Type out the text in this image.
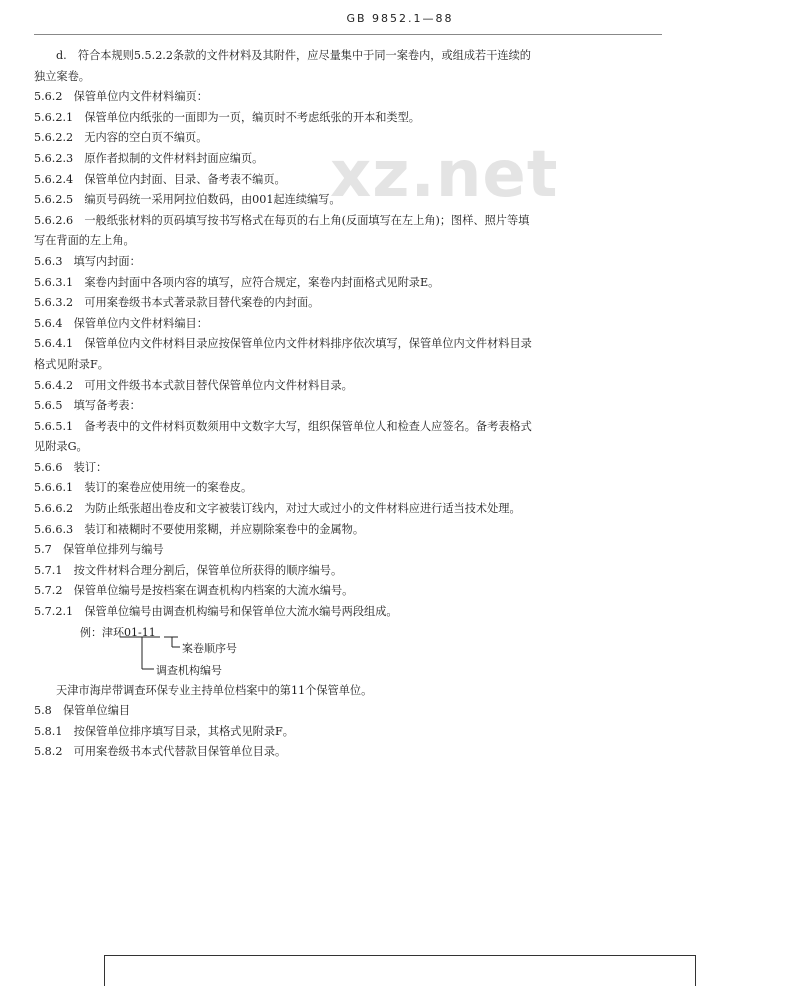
GB 9852.1—88
xz.net
d.　符合本规则5.5.2.2条款的文件材料及其附件，应尽量集中于同一案卷内，或组成若干连续的
独立案卷。
5.6.2　保管单位内文件材料编页：
5.6.2.1　保管单位内纸张的一面即为一页，编页时不考虑纸张的开本和类型。
5.6.2.2　无内容的空白页不编页。
5.6.2.3　原作者拟制的文件材料封面应编页。
5.6.2.4　保管单位内封面、目录、备考表不编页。
5.6.2.5　编页号码统一采用阿拉伯数码，由001起连续编写。
5.6.2.6　一般纸张材料的页码填写按书写格式在每页的右上角(反面填写在左上角)；图样、照片等填
写在背面的左上角。
5.6.3　填写内封面：
5.6.3.1　案卷内封面中各项内容的填写，应符合规定，案卷内封面格式见附录E。
5.6.3.2　可用案卷级书本式著录款目替代案卷的内封面。
5.6.4　保管单位内文件材料编目：
5.6.4.1　保管单位内文件材料目录应按保管单位内文件材料排序依次填写，保管单位内文件材料目录
格式见附录F。
5.6.4.2　可用文件级书本式款目替代保管单位内文件材料目录。
5.6.5　填写备考表：
5.6.5.1　备考表中的文件材料页数须用中文数字大写，组织保管单位人和检查人应签名。备考表格式
见附录G。
5.6.6　装订：
5.6.6.1　装订的案卷应使用统一的案卷皮。
5.6.6.2　为防止纸张超出卷皮和文字被装订线内，对过大或过小的文件材料应进行适当技术处理。
5.6.6.3　装订和裱糊时不要使用浆糊，并应剔除案卷中的金属物。
5.7　保管单位排列与编号
5.7.1　按文件材料合理分割后，保管单位所获得的顺序编号。
5.7.2　保管单位编号是按档案在调查机构内档案的大流水编号。
5.7.2.1　保管单位编号由调查机构编号和保管单位大流水编号两段组成。
例：津环01-11
案卷顺序号
调查机构编号
天津市海岸带调查环保专业主持单位档案中的第11个保管单位。
5.8　保管单位编目
5.8.1　按保管单位排序填写目录，其格式见附录F。
5.8.2　可用案卷级书本式代替款目保管单位目录。
